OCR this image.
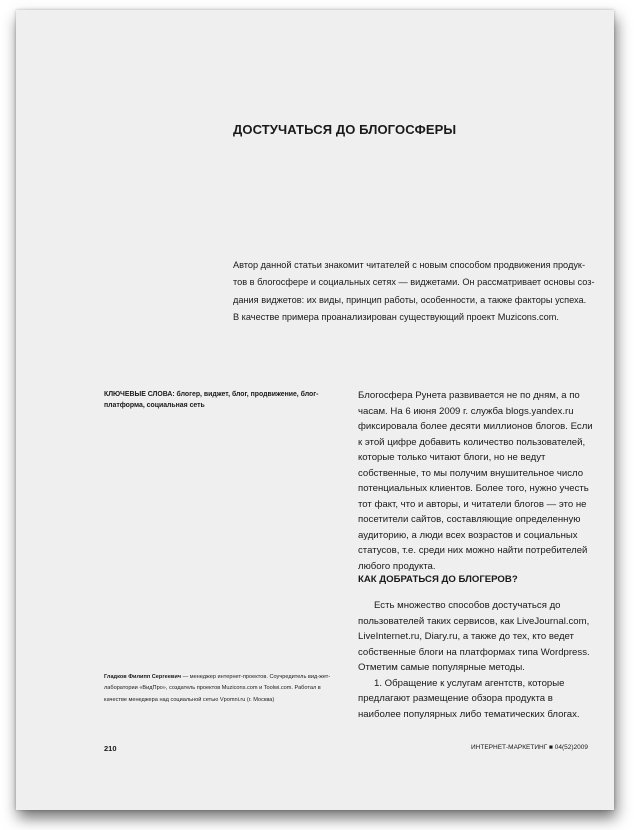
ДОСТУЧАТЬСЯ ДО БЛОГОСФЕРЫ
Автор данной статьи знакомит читателей с новым способом продвижения продук-
тов в блогосфере и социальных сетях — виджетами. Он рассматривает основы соз-
дания виджетов: их виды, принцип работы, особенности, а также факторы успеха.
В качестве примера проанализирован существующий проект Muzicons.com.
КЛЮЧЕВЫЕ СЛОВА: блогер, виджет, блог, продвижение, блог-платформа, социальная сеть

Блогосфера Рунета развивается не по дням, а по часам. На 6 июня 2009 г. служба blogs.yandex.ru фиксировала более десяти миллионов блогов. Если к этой цифре добавить количество пользователей, которые только читают блоги, но не ведут собственные, то мы получим внушительное число потенциальных клиентов. Более того, нужно учесть тот факт, что и авторы, и читатели блогов — это не посетители сайтов, составляющие определенную аудиторию, а люди всех возрастов и социальных статусов, т.е. среди них можно найти потребителей любого продукта.

КАК ДОБРАТЬСЯ ДО БЛОГЕРОВ?

Есть множество способов достучаться до пользователей таких сервисов, как LiveJournal.com, LiveInternet.ru, Diary.ru, а также до тех, кто ведет собственные блоги на платформах типа Wordpress. Отметим самые популярные методы.

1. Обращение к услугам агентств, которые предлагают размещение обзора продукта в наиболее популярных либо тематических блогах.

Гладков Филипп Сергеевич — менеджер интернет-проектов. Соучредитель вид-жет-лаборатории «ВидПро», создатель проектов Muzicons.com и Toolwi.com. Работал в качестве менеджера над социальной сетью Vpomni.ru (г. Москва)
210	ИНТЕРНЕТ-МАРКЕТИНГ ■ 04(52)2009
